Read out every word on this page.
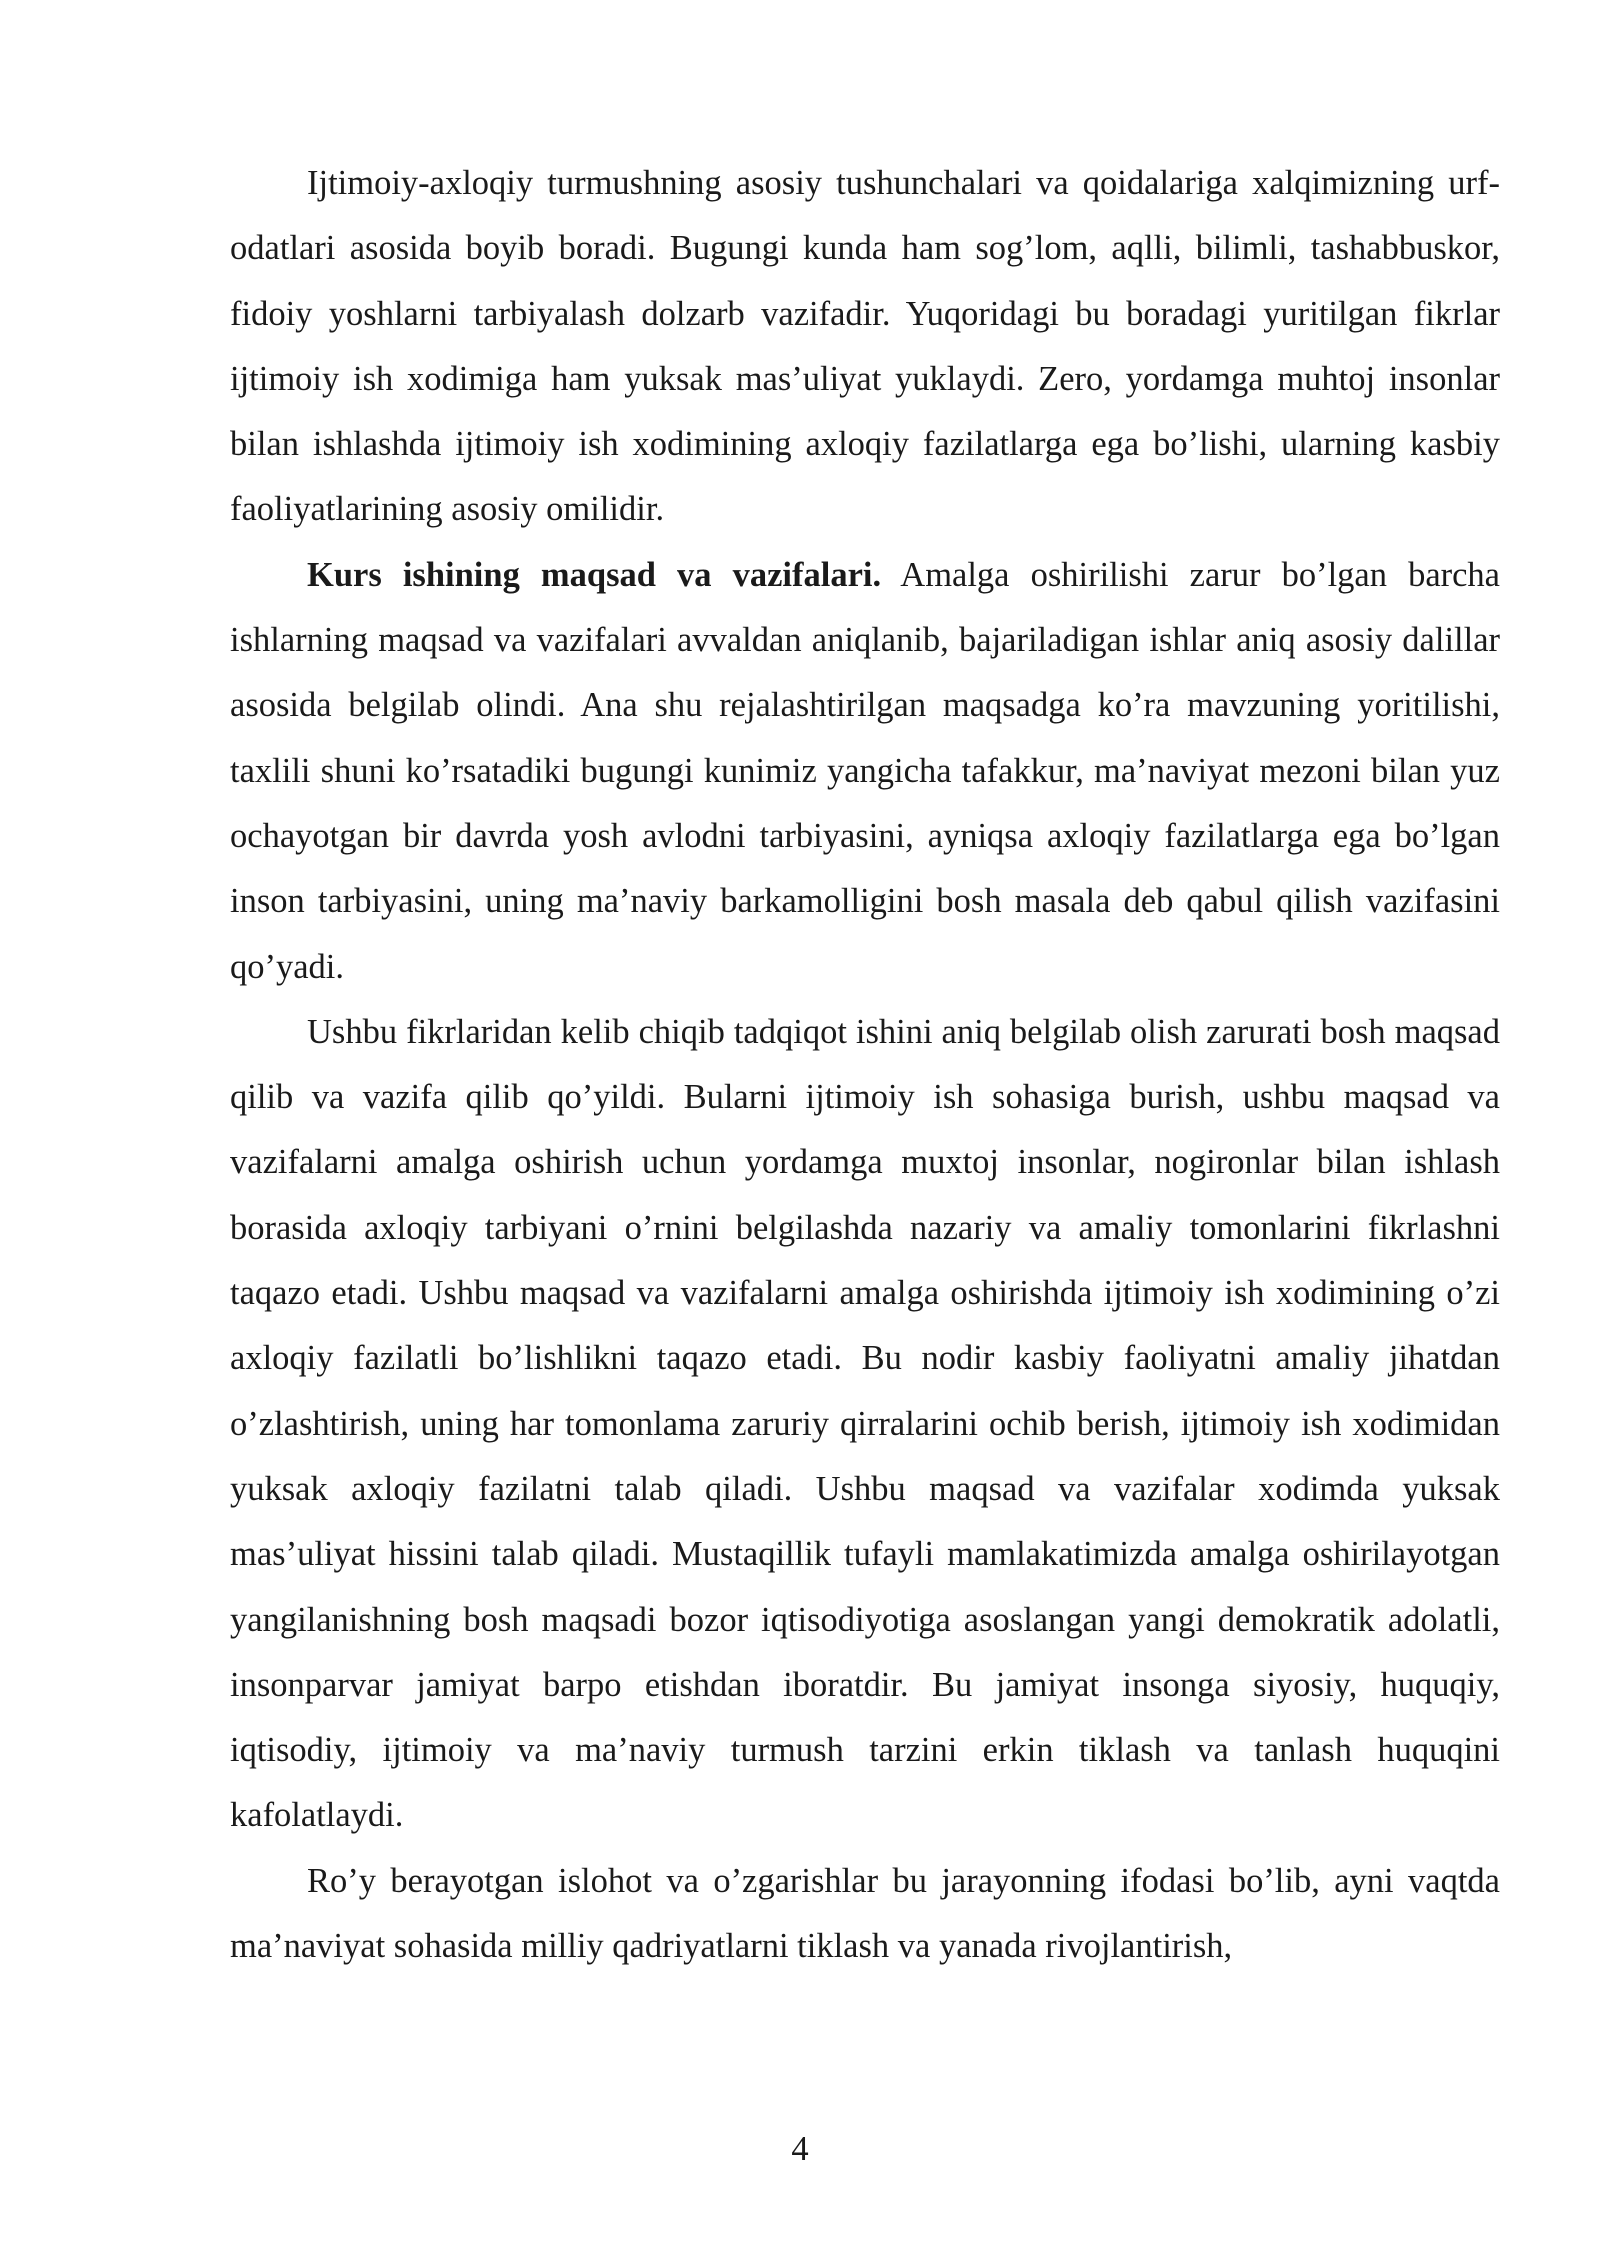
Ijtimoiy-axloqiy turmushning asosiy tushunchalari va qoidalariga xalqimizning urf-odatlari asosida boyib boradi. Bugungi kunda ham sog’lom, aqlli, bilimli, tashabbuskor, fidoiy yoshlarni tarbiyalash dolzarb vazifadir. Yuqoridagi bu boradagi yuritilgan fikrlar ijtimoiy ish xodimiga ham yuksak mas’uliyat yuklaydi. Zero, yordamga muhtoj insonlar bilan ishlashda ijtimoiy ish xodimining axloqiy fazilatlarga ega bo’lishi, ularning kasbiy faoliyatlarining asosiy omilidir.

Kurs ishining maqsad va vazifalari. Amalga oshirilishi zarur bo’lgan barcha ishlarning maqsad va vazifalari avvaldan aniqlanib, bajariladigan ishlar aniq asosiy dalillar asosida belgilab olindi. Ana shu rejalashtirilgan maqsadga ko’ra mavzuning yoritilishi, taxlili shuni ko’rsatadiki bugungi kunimiz yangicha tafakkur, ma’naviyat mezoni bilan yuz ochayotgan bir davrda yosh avlodni tarbiyasini, ayniqsa axloqiy fazilatlarga ega bo’lgan inson tarbiyasini, uning ma’naviy barkamolligini bosh masala deb qabul qilish vazifasini qo’yadi.

Ushbu fikrlaridan kelib chiqib tadqiqot ishini aniq belgilab olish zarurati bosh maqsad qilib va vazifa qilib qo’yildi. Bularni ijtimoiy ish sohasiga burish, ushbu maqsad va vazifalarni amalga oshirish uchun yordamga muxtoj insonlar, nogironlar bilan ishlash borasida axloqiy tarbiyani o’rnini belgilashda nazariy va amaliy tomonlarini fikrlashni taqazo etadi. Ushbu maqsad va vazifalarni amalga oshirishda ijtimoiy ish xodimining o’zi axloqiy fazilatli bo’lishlikni taqazo etadi. Bu nodir kasbiy faoliyatni amaliy jihatdan o’zlashtirish, uning har tomonlama zaruriy qirralarini ochib berish, ijtimoiy ish xodimidan yuksak axloqiy fazilatni talab qiladi. Ushbu maqsad va vazifalar xodimda yuksak mas’uliyat hissini talab qiladi. Mustaqillik tufayli mamlakatimizda amalga oshirilayotgan yangilanishning bosh maqsadi bozor iqtisodiyotiga asoslangan yangi demokratik adolatli, insonparvar jamiyat barpo etishdan iboratdir. Bu jamiyat insonga siyosiy, huquqiy, iqtisodiy, ijtimoiy va ma’naviy turmush tarzini erkin tiklash va tanlash huquqini kafolatlaydi.

Ro’y berayotgan islohot va o’zgarishlar bu jarayonning ifodasi bo’lib, ayni vaqtda ma’naviyat sohasida milliy qadriyatlarni tiklash va yanada rivojlantirish,

4
